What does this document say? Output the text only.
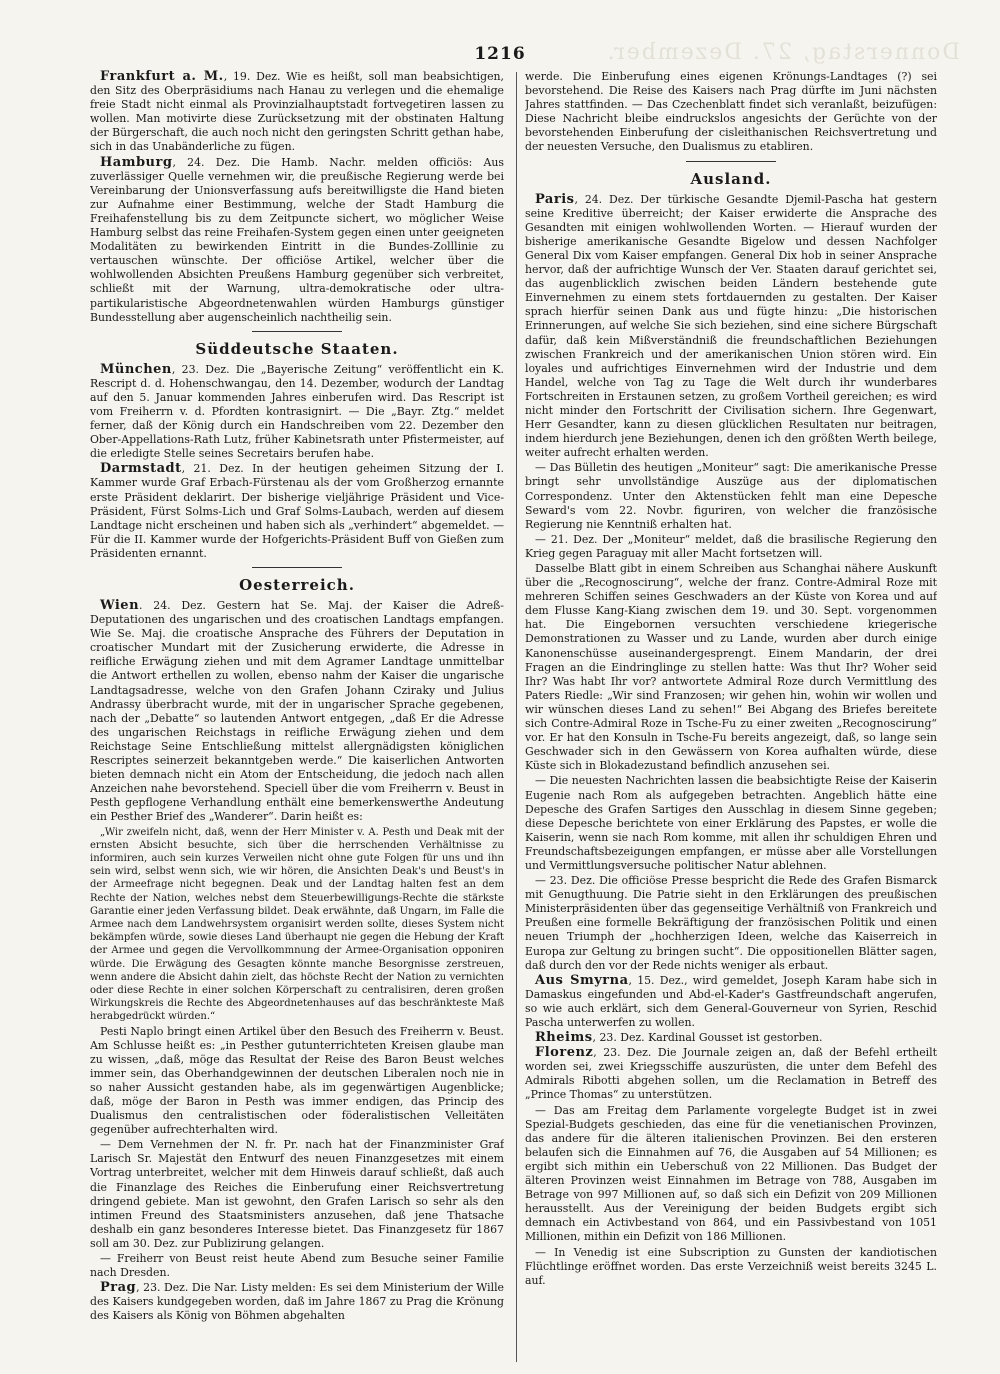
Donnerstag, 27. Dezember.
1216

Frankfurt a. M., 19. Dez. Wie es heißt, soll man beabsichtigen, den Sitz des Oberpräsidiums nach Hanau zu verlegen und die ehemalige freie Stadt nicht einmal als Provinzialhauptstadt fortvegetiren lassen zu wollen. Man motivirte diese Zurücksetzung mit der obstinaten Haltung der Bürgerschaft, die auch noch nicht den geringsten Schritt gethan habe, sich in das Unabänderliche zu fügen.

Hamburg, 24. Dez. Die Hamb. Nachr. melden officiös: Aus zuverlässiger Quelle vernehmen wir, die preußische Regierung werde bei Vereinbarung der Unionsverfassung aufs bereitwilligste die Hand bieten zur Aufnahme einer Bestimmung, welche der Stadt Hamburg die Freihafenstellung bis zu dem Zeitpuncte sichert, wo möglicher Weise Hamburg selbst das reine Freihafen-System gegen einen unter geeigneten Modalitäten zu bewirkenden Eintritt in die Bundes-Zolllinie zu vertauschen wünschte. Der officiöse Artikel, welcher über die wohlwollenden Absichten Preußens Hamburg gegenüber sich verbreitet, schließt mit der Warnung, ultra-demokratische oder ultra-partikularistische Abgeordnetenwahlen würden Hamburgs günstiger Bundesstellung aber augenscheinlich nachtheilig sein.

Süddeutsche Staaten.

München, 23. Dez. Die „Bayerische Zeitung“ veröffentlicht ein K. Rescript d. d. Hohenschwangau, den 14. Dezember, wodurch der Landtag auf den 5. Januar kommenden Jahres einberufen wird. Das Rescript ist vom Freiherrn v. d. Pfordten kontrasignirt. — Die „Bayr. Ztg.“ meldet ferner, daß der König durch ein Handschreiben vom 22. Dezember den Ober-Appellations-Rath Lutz, früher Kabinetsrath unter Pfistermeister, auf die erledigte Stelle seines Secretairs berufen habe.

Darmstadt, 21. Dez. In der heutigen geheimen Sitzung der I. Kammer wurde Graf Erbach-Fürstenau als der vom Großherzog ernannte erste Präsident deklarirt. Der bisherige vieljährige Präsident und Vice-Präsident, Fürst Solms-Lich und Graf Solms-Laubach, werden auf diesem Landtage nicht erscheinen und haben sich als „verhindert“ abgemeldet. — Für die II. Kammer wurde der Hofgerichts-Präsident Buff von Gießen zum Präsidenten ernannt.

Oesterreich.

Wien. 24. Dez. Gestern hat Se. Maj. der Kaiser die Adreß-Deputationen des ungarischen und des croatischen Landtags empfangen. Wie Se. Maj. die croatische Ansprache des Führers der Deputation in croatischer Mundart mit der Zusicherung erwiderte, die Adresse in reifliche Erwägung ziehen und mit dem Agramer Landtage unmittelbar die Antwort erthellen zu wollen, ebenso nahm der Kaiser die ungarische Landtagsadresse, welche von den Grafen Johann Cziraky und Julius Andrassy überbracht wurde, mit der in ungarischer Sprache gegebenen, nach der „Debatte“ so lautenden Antwort entgegen, „daß Er die Adresse des ungarischen Reichstags in reifliche Erwägung ziehen und dem Reichstage Seine Entschließung mittelst allergnädigsten königlichen Rescriptes seinerzeit bekanntgeben werde.“ Die kaiserlichen Antworten bieten demnach nicht ein Atom der Entscheidung, die jedoch nach allen Anzeichen nahe bevorstehend. Speciell über die vom Freiherrn v. Beust in Pesth gepflogene Verhandlung enthält eine bemerkenswerthe Andeutung ein Pesther Brief des „Wanderer“. Darin heißt es:

„Wir zweifeln nicht, daß, wenn der Herr Minister v. A. Pesth und Deak mit der ernsten Absicht besuchte, sich über die herrschenden Verhältnisse zu informiren, auch sein kurzes Verweilen nicht ohne gute Folgen für uns und ihn sein wird, selbst wenn sich, wie wir hören, die Ansichten Deak's und Beust's in der Armeefrage nicht begegnen. Deak und der Landtag halten fest an dem Rechte der Nation, welches nebst dem Steuerbewilligungs-Rechte die stärkste Garantie einer jeden Verfassung bildet. Deak erwähnte, daß Ungarn, im Falle die Armee nach dem Landwehrsystem organisirt werden sollte, dieses System nicht bekämpfen würde, sowie dieses Land überhaupt nie gegen die Hebung der Kraft der Armee und gegen die Vervollkommnung der Armee-Organisation opponiren würde. Die Erwägung des Gesagten könnte manche Besorgnisse zerstreuen, wenn andere die Absicht dahin zielt, das höchste Recht der Nation zu vernichten oder diese Rechte in einer solchen Körperschaft zu centralisiren, deren großen Wirkungskreis die Rechte des Abgeordnetenhauses auf das beschränkteste Maß herabgedrückt würden.“

Pesti Naplo bringt einen Artikel über den Besuch des Freiherrn v. Beust. Am Schlusse heißt es: „in Pesther gutunterrichteten Kreisen glaube man zu wissen, „daß, möge das Resultat der Reise des Baron Beust welches immer sein, das Oberhandgewinnen der deutschen Liberalen noch nie in so naher Aussicht gestanden habe, als im gegenwärtigen Augenblicke; daß, möge der Baron in Pesth was immer endigen, das Princip des Dualismus den centralistischen oder föderalistischen Velleitäten gegenüber aufrechterhalten wird.

— Dem Vernehmen der N. fr. Pr. nach hat der Finanzminister Graf Larisch Sr. Majestät den Entwurf des neuen Finanzgesetzes mit einem Vortrag unterbreitet, welcher mit dem Hinweis darauf schließt, daß auch die Finanzlage des Reiches die Einberufung einer Reichsvertretung dringend gebiete. Man ist gewohnt, den Grafen Larisch so sehr als den intimen Freund des Staatsministers anzusehen, daß jene Thatsache deshalb ein ganz besonderes Interesse bietet. Das Finanzgesetz für 1867 soll am 30. Dez. zur Publizirung gelangen.

— Freiherr von Beust reist heute Abend zum Besuche seiner Familie nach Dresden.

Prag, 23. Dez. Die Nar. Listy melden: Es sei dem Ministerium der Wille des Kaisers kundgegeben worden, daß im Jahre 1867 zu Prag die Krönung des Kaisers als König von Böhmen abgehalten

werde. Die Einberufung eines eigenen Krönungs-Landtages (?) sei bevorstehend. Die Reise des Kaisers nach Prag dürfte im Juni nächsten Jahres stattfinden. — Das Czechenblatt findet sich veranlaßt, beizufügen: Diese Nachricht bleibe eindruckslos angesichts der Gerüchte von der bevorstehenden Einberufung der cisleithanischen Reichsvertretung und der neuesten Versuche, den Dualismus zu etabliren.

Ausland.

Paris, 24. Dez. Der türkische Gesandte Djemil-Pascha hat gestern seine Kreditive überreicht; der Kaiser erwiderte die Ansprache des Gesandten mit einigen wohlwollenden Worten. — Hierauf wurden der bisherige amerikanische Gesandte Bigelow und dessen Nachfolger General Dix vom Kaiser empfangen. General Dix hob in seiner Ansprache hervor, daß der aufrichtige Wunsch der Ver. Staaten darauf gerichtet sei, das augenblicklich zwischen beiden Ländern bestehende gute Einvernehmen zu einem stets fortdauernden zu gestalten. Der Kaiser sprach hierfür seinen Dank aus und fügte hinzu: „Die historischen Erinnerungen, auf welche Sie sich beziehen, sind eine sichere Bürgschaft dafür, daß kein Mißverständniß die freundschaftlichen Beziehungen zwischen Frankreich und der amerikanischen Union stören wird. Ein loyales und aufrichtiges Einvernehmen wird der Industrie und dem Handel, welche von Tag zu Tage die Welt durch ihr wunderbares Fortschreiten in Erstaunen setzen, zu großem Vortheil gereichen; es wird nicht minder den Fortschritt der Civilisation sichern. Ihre Gegenwart, Herr Gesandter, kann zu diesen glücklichen Resultaten nur beitragen, indem hierdurch jene Beziehungen, denen ich den größten Werth beilege, weiter aufrecht erhalten werden.

— Das Bülletin des heutigen „Moniteur“ sagt: Die amerikanische Presse bringt sehr unvollständige Auszüge aus der diplomatischen Correspondenz. Unter den Aktenstücken fehlt man eine Depesche Seward's vom 22. Novbr. figuriren, von welcher die französische Regierung nie Kenntniß erhalten hat.

— 21. Dez. Der „Moniteur“ meldet, daß die brasilische Regierung den Krieg gegen Paraguay mit aller Macht fortsetzen will.

Dasselbe Blatt gibt in einem Schreiben aus Schanghai nähere Auskunft über die „Recognoscirung“, welche der franz. Contre-Admiral Roze mit mehreren Schiffen seines Geschwaders an der Küste von Korea und auf dem Flusse Kang-Kiang zwischen dem 19. und 30. Sept. vorgenommen hat. Die Eingebornen versuchten verschiedene kriegerische Demonstrationen zu Wasser und zu Lande, wurden aber durch einige Kanonenschüsse auseinandergesprengt. Einem Mandarin, der drei Fragen an die Eindringlinge zu stellen hatte: Was thut Ihr? Woher seid Ihr? Was habt Ihr vor? antwortete Admiral Roze durch Vermittlung des Paters Riedle: „Wir sind Franzosen; wir gehen hin, wohin wir wollen und wir wünschen dieses Land zu sehen!“ Bei Abgang des Briefes bereitete sich Contre-Admiral Roze in Tsche-Fu zu einer zweiten „Recognoscirung“ vor. Er hat den Konsuln in Tsche-Fu bereits angezeigt, daß, so lange sein Geschwader sich in den Gewässern von Korea aufhalten würde, diese Küste sich in Blokadezustand befindlich anzusehen sei.

— Die neuesten Nachrichten lassen die beabsichtigte Reise der Kaiserin Eugenie nach Rom als aufgegeben betrachten. Angeblich hätte eine Depesche des Grafen Sartiges den Ausschlag in diesem Sinne gegeben; diese Depesche berichtete von einer Erklärung des Papstes, er wolle die Kaiserin, wenn sie nach Rom komme, mit allen ihr schuldigen Ehren und Freundschaftsbezeigungen empfangen, er müsse aber alle Vorstellungen und Vermittlungsversuche politischer Natur ablehnen.

— 23. Dez. Die officiöse Presse bespricht die Rede des Grafen Bismarck mit Genugthuung. Die Patrie sieht in den Erklärungen des preußischen Ministerpräsidenten über das gegenseitige Verhältniß von Frankreich und Preußen eine formelle Bekräftigung der französischen Politik und einen neuen Triumph der „hochherzigen Ideen, welche das Kaiserreich in Europa zur Geltung zu bringen sucht“. Die oppositionellen Blätter sagen, daß durch den vor der Rede nichts weniger als erbaut.

Aus Smyrna, 15. Dez., wird gemeldet, Joseph Karam habe sich in Damaskus eingefunden und Abd-el-Kader's Gastfreundschaft angerufen, so wie auch erklärt, sich dem General-Gouverneur von Syrien, Reschid Pascha unterwerfen zu wollen.

Rheims, 23. Dez. Kardinal Gousset ist gestorben.

Florenz, 23. Dez. Die Journale zeigen an, daß der Befehl ertheilt worden sei, zwei Kriegsschiffe auszurüsten, die unter dem Befehl des Admirals Ribotti abgehen sollen, um die Reclamation in Betreff des „Prince Thomas“ zu unterstützen.

— Das am Freitag dem Parlamente vorgelegte Budget ist in zwei Spezial-Budgets geschieden, das eine für die venetianischen Provinzen, das andere für die älteren italienischen Provinzen. Bei den ersteren belaufen sich die Einnahmen auf 76, die Ausgaben auf 54 Millionen; es ergibt sich mithin ein Ueberschuß von 22 Millionen. Das Budget der älteren Provinzen weist Einnahmen im Betrage von 788, Ausgaben im Betrage von 997 Millionen auf, so daß sich ein Defizit von 209 Millionen herausstellt. Aus der Vereinigung der beiden Budgets ergibt sich demnach ein Activbestand von 864, und ein Passivbestand von 1051 Millionen, mithin ein Defizit von 186 Millionen.

— In Venedig ist eine Subscription zu Gunsten der kandiotischen Flüchtlinge eröffnet worden. Das erste Verzeichniß weist bereits 3245 L. auf.
